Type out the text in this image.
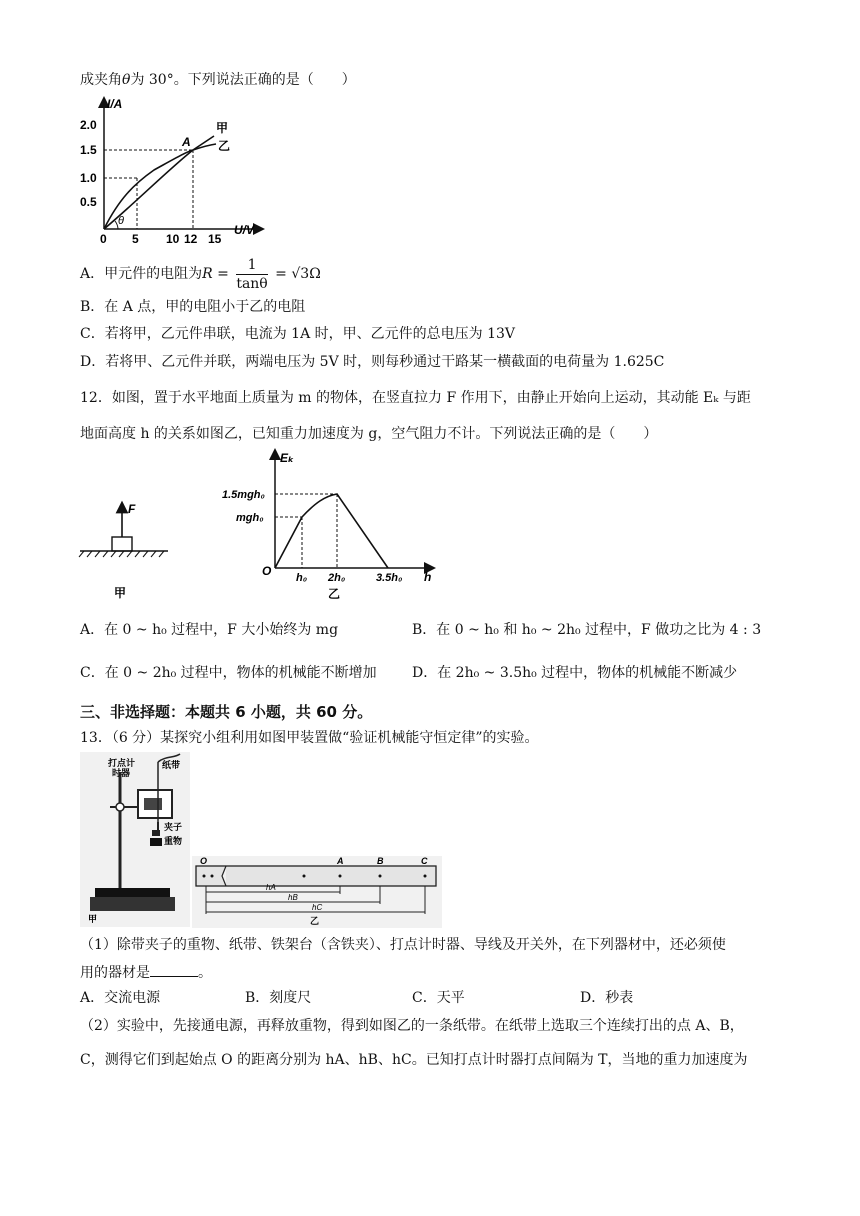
成夹角θ为 30°。下列说法正确的是（　　）
I/A
U/V
2.0
1.5
1.0
0.5
0 5 10 12 15
甲
乙
A
θ
A．甲元件的电阻为$R = \frac{1}{\tan\theta} = √3\Omega$
B．在 A 点，甲的电阻小于乙的电阻
C．若将甲，乙元件串联，电流为 1A 时，甲、乙元件的总电压为 13V
D．若将甲、乙元件并联，两端电压为 5V 时，则每秒通过干路某一横截面的电荷量为 1.625C
12．如图，置于水平地面上质量为 m 的物体，在竖直拉力 F 作用下，由静止开始向上运动，其动能 Eₖ 与距
地面高度 h 的关系如图乙，已知重力加速度为 g，空气阻力不计。下列说法正确的是（　　）
F
甲
Eₖ
h
O
1.5mgh₀
mgh₀
h₀ 2h₀	3.5h₀
乙
A．在 0 ~ h₀ 过程中，F 大小始终为 mg	B．在 0 ~ h₀ 和 h₀ ~ 2h₀ 过程中，F 做功之比为 4 : 3
C．在 0 ~ 2h₀ 过程中，物体的机械能不断增加	D．在 2h₀ ~ 3.5h₀ 过程中，物体的机械能不断减少
三、非选择题：本题共 6 小题，共 60 分。
13．（6 分）某探究小组利用如图甲装置做“验证机械能守恒定律”的实验。
打点计
时器
纸带
夹子
重物
甲
O	A	B	C
hA
hB
hC
乙
（1）除带夹子的重物、纸带、铁架台（含铁夹）、打点计时器、导线及开关外，在下列器材中，还必须使
用的器材是	。
A．交流电源	B．刻度尺	C．天平	D．秒表
（2）实验中，先接通电源，再释放重物，得到如图乙的一条纸带。在纸带上选取三个连续打出的点 A、B，
C，测得它们到起始点 O 的距离分别为 hA、hB、hC。已知打点计时器打点间隔为 T，当地的重力加速度为
